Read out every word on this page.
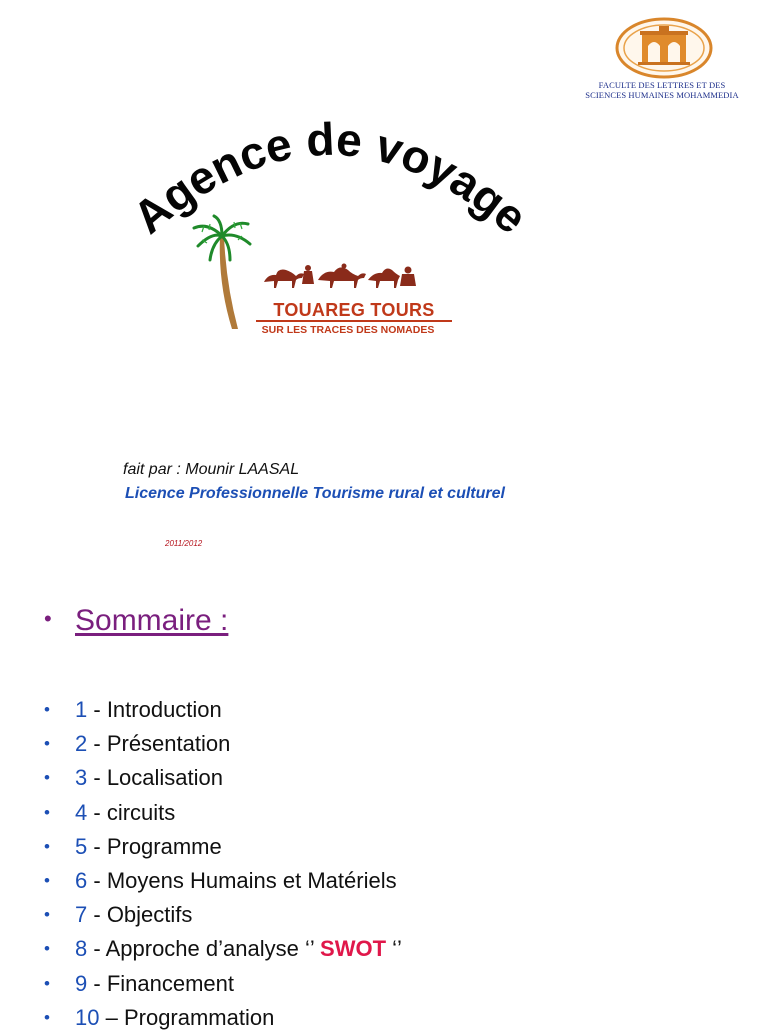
FACULTE DES LETTRES ET DES
SCIENCES HUMAINES MOHAMMEDIA
Agence de voyage
TOUAREG TOURS
SUR LES TRACES DES NOMADES
fait par : Mounir LAASAL
Licence Professionnelle Tourisme rural et culturel
2011/2012
• Sommaire :
• 1 - Introduction
• 2 - Présentation
• 3 - Localisation
• 4 - circuits
• 5 - Programme
• 6 - Moyens Humains et Matériels
• 7 - Objectifs
• 8 - Approche d’analyse ‘’ SWOT ‘’
• 9 - Financement
• 10 – Programmation
